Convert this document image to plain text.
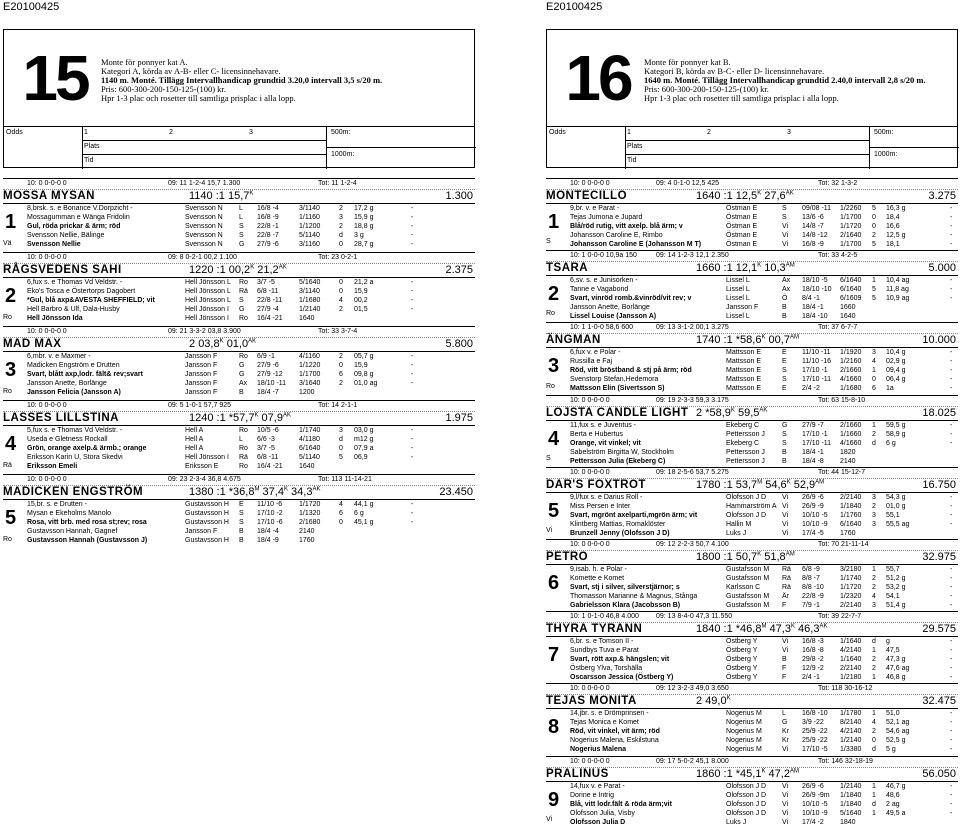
E20100425
15	Monte för ponnyer kat A.
Kategori A, körda av A-B- eller C- licensinnehavare.
1140 m. Monté. Tillägg Intervallhandicap grundtid 3.20,0 intervall 3,5 s/20 m.
Pris: 600-300-200-150-125-(100) kr.
Hpr 1-3 plac och rosetter till samtliga prisplac i alla lopp.
Odds	1	2	3	500m:
Plats
Tid
1000m:
10: 0 0-0-0 0	09: 11 1-2-4 15,7 1.300	Tot: 11 1-2-4
MOSSA MYSAN	1140 :1 $15,7^K$	1.300
1
Vä
8,brsk. s. e Bonance V.Dorpzicht -
Mossagumman e Wänga Fridolin
Gul, röda prickar & ärm; röd
Svensson Nellie, Bälinge
Svensson Nellie
Svensson N L 16/8 -4	3/1140	2 17,2 g	-
Svensson N L 16/8 -9	1/1160	3 15,9 g	-
Svensson N S 22/8 -1	1/1200	2 18,8 g	-
Svensson N S 22/8 -7	5/1140	d 3 g	-
Svensson N G 27/9 -6	3/1160	0 28,7 g	-
10: 0 0-0-0 0	09: 8 0-2-1 00,2 1.100	Tot: 23 0-2-1
RÅGSVEDENS SAHI	1220 :1 $00,2^K$ $21,2^{AK}$	2.375
2
Ro
6,fux s. e Thomas Vd Veldstr. -
Eko's Tosca e Östertorps Dagobert
*Gul, blå axp&AVESTA SHEFFIELD; vit
Hell Barbro & Ulf, Dala-Husby
Hell Jönsson Ida
Hell Jönsson L Ro 3/7 -5	5/1640	0 21,2 a	-
Hell Jönsson L Rä 6/8 -11	3/1140	0 15,9	-
Hell Jönsson L S 22/8 -11 1/1680	4 00,2	-
Hell Jönsson I G 27/9 -4	1/2140	2 01,5	-
Hell Jönsson I Ro 16/4 -21 1640
10: 0 0-0-0 0	09: 21 3-3-2 03,8 3.900	Tot: 33 3-7-4
MAD MAX	2 $03,8^K$ $01,0^{AK}$	5.800
3
Ro
6,mbr. v. e Maxmer -
Madicken Engström e Drutten
Svart, blått axp,lodr. fält& rev;svart
Jansson Anette, Borlänge
Jansson Felicia (Jansson A)
Jansson F	Ro 6/9 -1	4/1160	2 05,7 g	-
Jansson F	G 27/9 -6	1/1220	0 15,9	-
Jansson F	G 27/9 -12 1/1700	6 09,8 g	-
Jansson F	Ax 18/10 -11 3/1640	2 01,0 ag	-
Jansson F	B 18/4 -7	1200
10: 0 0-0-0 0	09: 5 1-0-1 57,7 925	Tot: 14 2-1-1
LASSES LILLSTINA	1240 :1 $*57,7^K$ $07,9^{AK}$	1.975
4
Rä
5,fux s. e Thomas Vd Veldstr. -
Useda e Gletness Rockall
Grön, orange axelp.& ärmb.; orange
Eriksson Karin U, Stora Skedvi
Eriksson Emeli
Hell A	Ro 10/5 -6	1/1740	3 03,0 g	-
Hell A	L 6/6 -3	4/1180	d m12 g	-
Hell A	Ro 3/7 -5	6/1640	0 07,9 a	-
Hell Jönsson I Rä 6/8 -11	5/1140	5 06,9	-
Eriksson E	Ro 16/4 -21 1640
10: 0 0-0-0 0	09: 23 2-3-4 36,8 4.675	Tot: 113 11-14-21
MADICKEN ENGSTRÖM	1380 :1 $*36,8^M$ $37,4^K$ $34,3^{AK}$	23.450
5
Ro
15,br. s. e Drutten -
Mysan e Ekeholms Manolo
Rosa, vitt brb. med rosa st;rev; rosa
Gustavsson Hannah, Gagnef
Gustavsson Hannah (Gustavsson J)
Gustavsson H E 11/10 -6 1/1720	4 44,1 g	-
Gustavsson H S 17/10 -2 1/1320	6 6 g	-
Gustavsson H S 17/10 -6 2/1680	0 45,1 g	-
Jansson F	B 18/4 -4	2140
Gustavsson H B 18/4 -9	1760
E20100425
16	Monte för ponnyer kat B.
Kategori B, körda av B-C- eller D- licensinnehavare.
1640 m. Monté. Tillägg Intervallhandicap grundtid 2.40,0 intervall 2,8 s/20 m.
Pris: 600-300-200-150-125-(100) kr.
Hpr 1-3 plac och rosetter till samtliga prisplac i alla lopp.
Odds	1	2	3	500m:
Plats
Tid
1000m:
10: 0 0-0-0 0	09: 4 0-1-0 12,5 425	Tot: 32 1-3-2
MONTECILLO	1640 :1 $12,5^K$ $27,6^{AK}$	3.275
1
S
9,br. v. e Parat -
Tejas Jumona e Jupard
Blå/röd rutig, vitt axelp. blå ärm; v
Johansson Caroline E, Rimbo
Johansson Caroline E (Johansson M T)
Östman E	S 09/08 -11 1/2260 5 16,3 g	-
Östman E	S 13/6 -6 1/1700 0 18,4	-
Östman E	Vi 14/8 -7 1/1720 0 16,6	-
Östman E	Vi 14/8 -12 2/1640 2 12,5 g	-
Östman E	Vi 16/8 -9 1/1700 5 18,1	-
10: 1 0-0-0 10,9a 150	09: 14 1-2-3 12,1 2.350	Tot: 33 4-2-5
TSARA	1660 :1 $12,1^K$ $10,3^{AM}$	5.000
2
Ro
6,sv. s. e Junisorken -
Tanne e Vagabond
Svart, vinröd romb.&vinröd/vit rev; v
Jansson Anette, Borlänge
Lissel Louise (Jansson A)
Lissel L	Ax 18/10 -5 6/1640 1 10,4 ag	-
Lissel L	Ax 18/10 -10 6/1640 5 11,8 ag	-
Lissel L	Ö 8/4 -1	6/1609 5 10,9 ag	-
Jansson F	B 18/4 -1 1660
Lissel L	B 18/4 -10 1640
10: 1 1-0-0 58,6 600	09: 13 3-1-2 00,1 3.275	Tot: 37 6-7-7
ÄNGMAN	1740 :1 $*58,6^K$ $00,7^{AM}$	10.000
3
Ro
6,fux v. e Polar -
Russilla e Faj
Röd, vitt bröstband & stj på ärm; röd
Svenstorp Stefan,Hedemora
Mattsson Elin (Sivertsson S)
Mattsson E	E 11/10 -11 1/1920 3 10,4 g	-
Mattsson E	E 11/10 -16 1/2160 4 02,9 g	-
Mattsson E	S 17/10 -1 2/1660 1 09,4 g	-
Mattsson E	S 17/10 -11 4/1660 0 06,4 g	-
Mattsson E	E 2/4 -2	1/1680 6 1a	-
10: 0 0-0-0 0	09: 19 2-3-3 59,3 3.175	Tot: 63 15-8-10
LOJSTA CANDLE LIGHT 2 $*58,9^K$ $59,5^{AK}$	18.025
4
S
11,fux s. e Juventus -
Berta e Hubertus
Orange, vit vinkel; vit
Sabelström Birgitta W, Stockholm
Pettersson Julia (Ekeberg C)
Ekeberg C	G 27/9 -7 2/1660 1 59,5 g	-
Pettersson J S 17/10 -1 1/1660 2 58,9 g	-
Ekeberg C	S 17/10 -11 4/1660 d 6 g	-
Pettersson J B 18/4 -1 1820
Pettersson J B 18/4 -8 2140
10: 0 0-0-0 0	09: 18 2-5-6 53,7 5.275	Tot: 44 15-12-7
DAR'S FOXTROT	1780 :1 $53,7^M$ $54,6^K$ $52,9^{AM}$	16.750
5
Vi
9,l/fux s. e Darius Roll -
Miss Persen e Inter
Svart, mgrönt axelparti,mgrön ärm; vit
Klintberg Mattias, Romaklöster
Brunzell Jenny (Olofsson J D)
Olofsson J D Vi 26/9 -6 2/2140 3 54,3 g	-
Hammarström A Vi 26/9 -9 1/1840 2 01,0 g	-
Olofsson J D Vi 10/10 -5 1/1760 3 55,1	-
Hallin M	Vi 10/10 -9 6/1640 3 55,5 ag	-
Luks J	Vi 17/4 -5 1760
10: 0 0-0-0 0	09: 12 2-2-3 50,7 4.100	Tot: 70 21-11-14
PETRO	1800 :1 $50,7^K$ $51,8^{AM}$	32.975
6
9,isab. h. e Polar -
Komette e Komet
Svart, stj i silver, silverstjärnor; s
Thomasson Marianne & Magnus, Stånga
Gabrielsson Klara (Jacobsson B)
Gustafsson M Rä 6/8 -9	3/2180 1 55,7	-
Gustafsson M Rä 8/8 -7	1/1740 2 51,2 g	-
Karlsson C	Rä 8/8 -10 1/1720 2 53,2 g	-
Gustafsson M Är 22/8 -9 1/2320 4 54,1	-
Gustafsson M F 7/9 -1	2/2140 3 51,4 g	-
10: 1 0-1-0 46,8 4.000 09: 13 8-4-0 47,3 11.550	Tot: 39 22-7-7
THYRA TYRANN	1840 :1 $*46,8^M$ $47,3^K$ $46,3^{AK}$	29.575
7
6,br. s. e Tomson II -
Sundbys Tuva e Parat
Svart, rött axp.& hängslen; vit
Östberg Ylva, Torshälla
Oscarsson Jessica (Östberg Y)
Östberg Y	Vi 16/8 -3 1/1640 d g	-
Östberg Y	Vi 16/8 -8 4/2140 1 47,5	-
Östberg Y	B 29/8 -2 1/1640 2 47,3 g	-
Östberg Y	F 12/9 -2 2/2140 2 47,6 ag	-
Östberg Y	F 2/4 -1	1/2180 1 46,8 g	-
10: 0 0-0-0 0	09: 12 3-2-3 49,0 3.650	Tot: 118 30-16-12
TEJAS MONITA	2 $49,0^K$	32.475
8
14,jbr. s. e Drömprinsen -
Tejas Monica e Komet
Röd, vit vinkel, vit ärm; röd
Nogerius Malena, Eskilstuna
Nogerius Malena
Nogerius M	L 16/8 -10 1/1780 1 51,0	-
Nogerius M	G 3/9 -22 8/2140 4 52,1 ag	-
Nogerius M	Kr 25/9 -22 4/2140 2 54,6 ag	-
Nogerius M	Kr 25/9 -22 1/2140 0 52,5 g	-
Nogerius M	Vi 17/10 -5 1/3380 d 5 g	-
10: 0 0-0-0 0	09: 17 5-0-2 45,1 8.000	Tot: 146 32-18-19
PRALINUS	1860 :1 $*45,1^K$ $47,2^{AM}$	56.050
9
Vi
14,fux v. e Parat -
Dorine e Intrig
Blå, vitt lodr.fält & röda ärm;vit
Olofsson Julia, Visby
Olofsson Julia D
Olofsson J D Vi 26/9 -6 1/2140 1 46,7 g	-
Olofsson J D Vi 26/9 -9m 1/1840 1 48,6	-
Olofsson J D Vi 10/10 -5 1/1840 d 2 ag	-
Olofsson J D Vi 10/10 -9 5/1640 1 49,5 a	-
Luks J	Vi 17/4 -2 1840
